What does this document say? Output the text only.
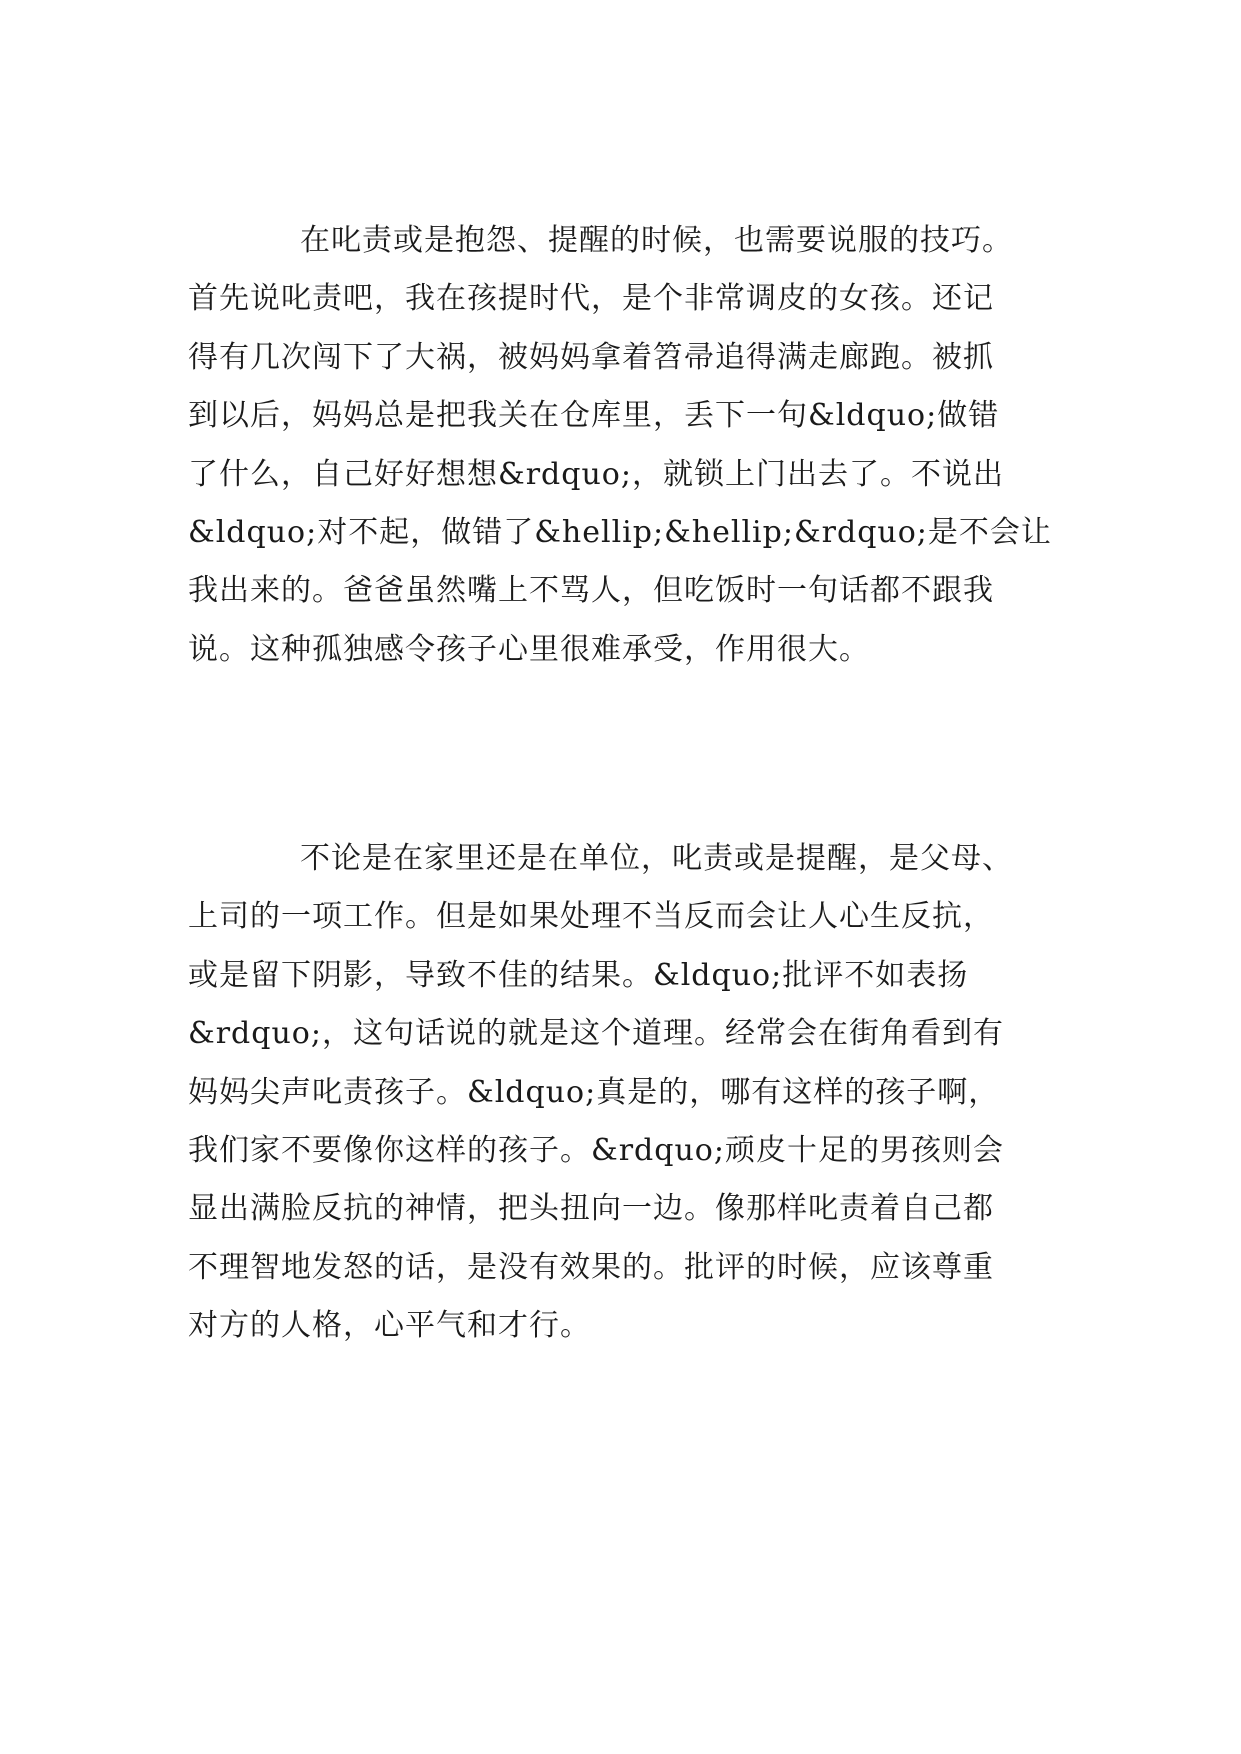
在叱责或是抱怨、提醒的时候，也需要说服的技巧。
首先说叱责吧，我在孩提时代，是个非常调皮的女孩。还记
得有几次闯下了大祸，被妈妈拿着笤帚追得满走廊跑。被抓
到以后，妈妈总是把我关在仓库里，丢下一句&ldquo;做错
了什么，自己好好想想&rdquo;，就锁上门出去了。不说出
&ldquo;对不起，做错了&hellip;&hellip;&rdquo;是不会让
我出来的。爸爸虽然嘴上不骂人，但吃饭时一句话都不跟我
说。这种孤独感令孩子心里很难承受，作用很大。
不论是在家里还是在单位，叱责或是提醒，是父母、
上司的一项工作。但是如果处理不当反而会让人心生反抗，
或是留下阴影，导致不佳的结果。&ldquo;批评不如表扬
&rdquo;，这句话说的就是这个道理。经常会在街角看到有
妈妈尖声叱责孩子。&ldquo;真是的，哪有这样的孩子啊，
我们家不要像你这样的孩子。&rdquo;顽皮十足的男孩则会
显出满脸反抗的神情，把头扭向一边。像那样叱责着自己都
不理智地发怒的话，是没有效果的。批评的时候，应该尊重
对方的人格，心平气和才行。
